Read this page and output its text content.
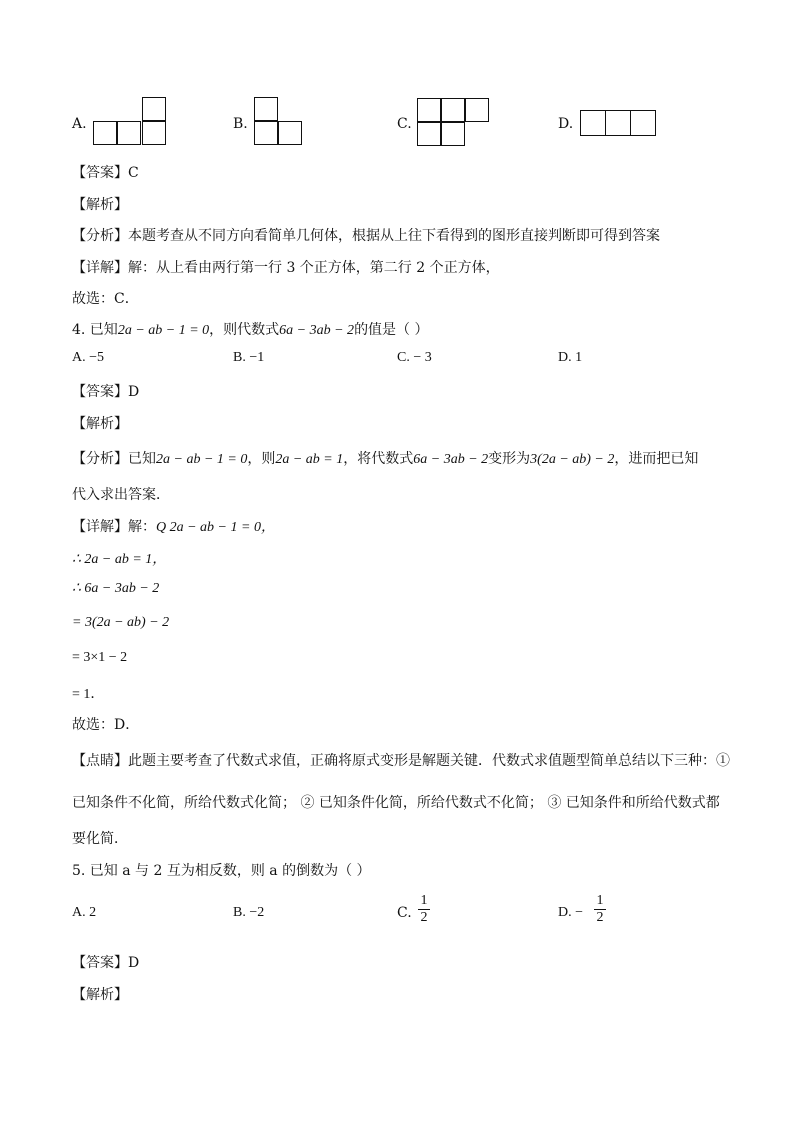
A.	B.	C.	D.
【答案】C
【解析】
【分析】本题考查从不同方向看简单几何体，根据从上往下看得到的图形直接判断即可得到答案
【详解】解：从上看由两行第一行 3 个正方体，第二行 2 个正方体，
故选：C．
4. 已知2a − ab − 1 = 0，则代数式6a − 3ab − 2的值是（ ）
A. −5	B. −1	C. − 3	D. 1
【答案】D
【解析】
【分析】已知2a − ab − 1 = 0，则2a − ab = 1，将代数式6a − 3ab − 2变形为3(2a − ab) − 2，进而把已知
代入求出答案．
【详解】解：Q 2a − ab − 1 = 0，
∴ 2a − ab = 1，
∴ 6a − 3ab − 2
= 3(2a − ab) − 2
= 3×1 − 2
= 1．
故选：D．
【点睛】此题主要考查了代数式求值，正确将原式变形是解题关键．代数式求值题型简单总结以下三种：①
已知条件不化简，所给代数式化简； ② 已知条件化简，所给代数式不化简； ③ 已知条件和所给代数式都
要化简．
5. 已知 a 与 2 互为相反数，则 a 的倒数为（ ）
A. 2	B. −2	C.
1
2	D. −
1
2
【答案】D
【解析】
